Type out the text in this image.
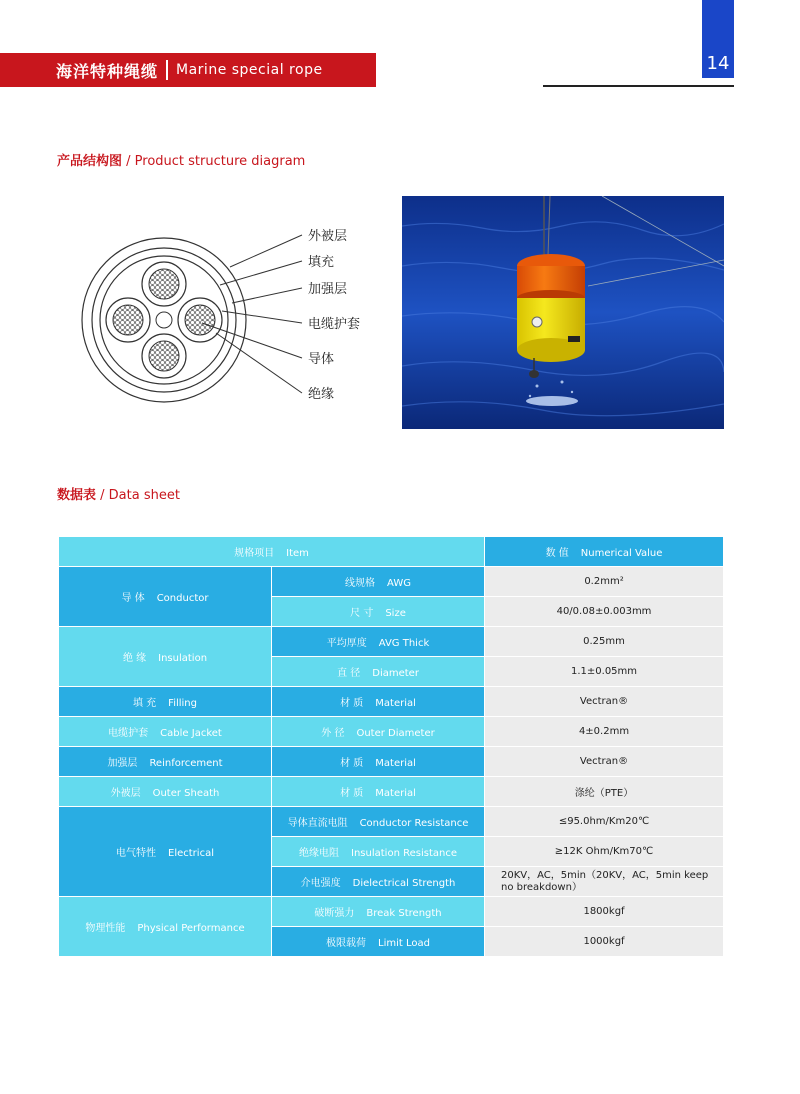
海洋特种绳缆 Marine special rope	14
产品结构图 / Product structure diagram
外被层
填充
加强层
电缆护套
导体
绝缘
数据表 / Data sheet
规格项目 Item		数 值 Numerical Value
导 体 Conductor	线规格 AWG	0.2mm²
	尺 寸 Size	40/0.08±0.003mm
绝 缘 Insulation	平均厚度 AVG Thick	0.25mm
	直 径 Diameter	1.1±0.05mm
填 充 Filling	材 质 Material	Vectran®
电缆护套 Cable Jacket	外 径 Outer Diameter	4±0.2mm
加强层 Reinforcement	材 质 Material	Vectran®
外被层 Outer Sheath	材 质 Material	涤纶（PTE）
电气特性 Electrical	导体直流电阻 Conductor Resistance	≤95.0hm/Km20℃
	绝缘电阻 Insulation Resistance	≥12K Ohm/Km70℃
	介电强度 Dielectrical Strength	20KV，AC，5min（20KV，AC，5min keep no breakdown）
物理性能 Physical Performance	破断强力 Break Strength	1800kgf
	极限载荷 Limit Load	1000kgf
